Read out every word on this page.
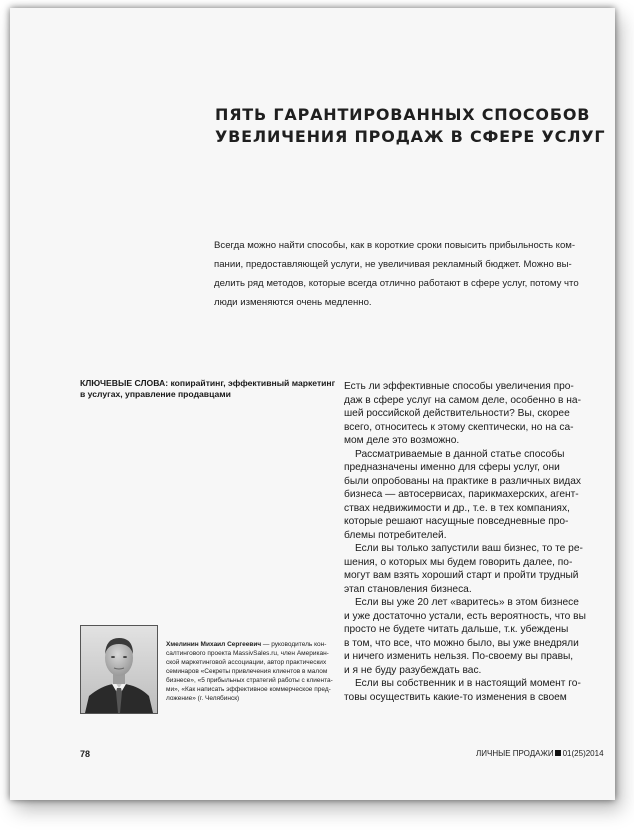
ПЯТЬ ГАРАНТИРОВАННЫХ СПОСОБОВ
УВЕЛИЧЕНИЯ ПРОДАЖ В СФЕРЕ УСЛУГ
Всегда можно найти способы, как в короткие сроки повысить прибыльность ком-
пании, предоставляющей услуги, не увеличивая рекламный бюджет. Можно вы-
делить ряд методов, которые всегда отлично работают в сфере услуг, потому что
люди изменяются очень медленно.
КЛЮЧЕВЫЕ СЛОВА: копирайтинг, эффективный маркетинг
в услугах, управление продавцами
Есть ли эффективные способы увеличения про-
даж в сфере услуг на самом деле, особенно в на-
шей российской действительности? Вы, скорее
всего, относитесь к этому скептически, но на са-
мом деле это возможно.
Рассматриваемые в данной статье способы
предназначены именно для сферы услуг, они
были опробованы на практике в различных видах
бизнеса — автосервисах, парикмахерских, агент-
ствах недвижимости и др., т.е. в тех компаниях,
которые решают насущные повседневные про-
блемы потребителей.
Если вы только запустили ваш бизнес, то те ре-
шения, о которых мы будем говорить далее, по-
могут вам взять хороший старт и пройти трудный
этап становления бизнеса.
Если вы уже 20 лет «варитесь» в этом бизнесе
и уже достаточно устали, есть вероятность, что вы
просто не будете читать дальше, т.к. убеждены
в том, что все, что можно было, вы уже внедряли
и ничего изменить нельзя. По-своему вы правы,
и я не буду разубеждать вас.
Если вы собственник и в настоящий момент го-
товы осуществить какие-то изменения в своем
Хмелинин Михаил Сергеевич — руководитель кон-
салтингового проекта MassivSales.ru, член Американ-
ской маркетинговой ассоциации, автор практических
семинаров «Секреты привлечения клиентов в малом
бизнесе», «5 прибыльных стратегий работы с клиента-
ми», «Как написать эффективное коммерческое пред-
ложение» (г. Челябинск)
78	ЛИЧНЫЕ ПРОДАЖИ 01(25)2014
